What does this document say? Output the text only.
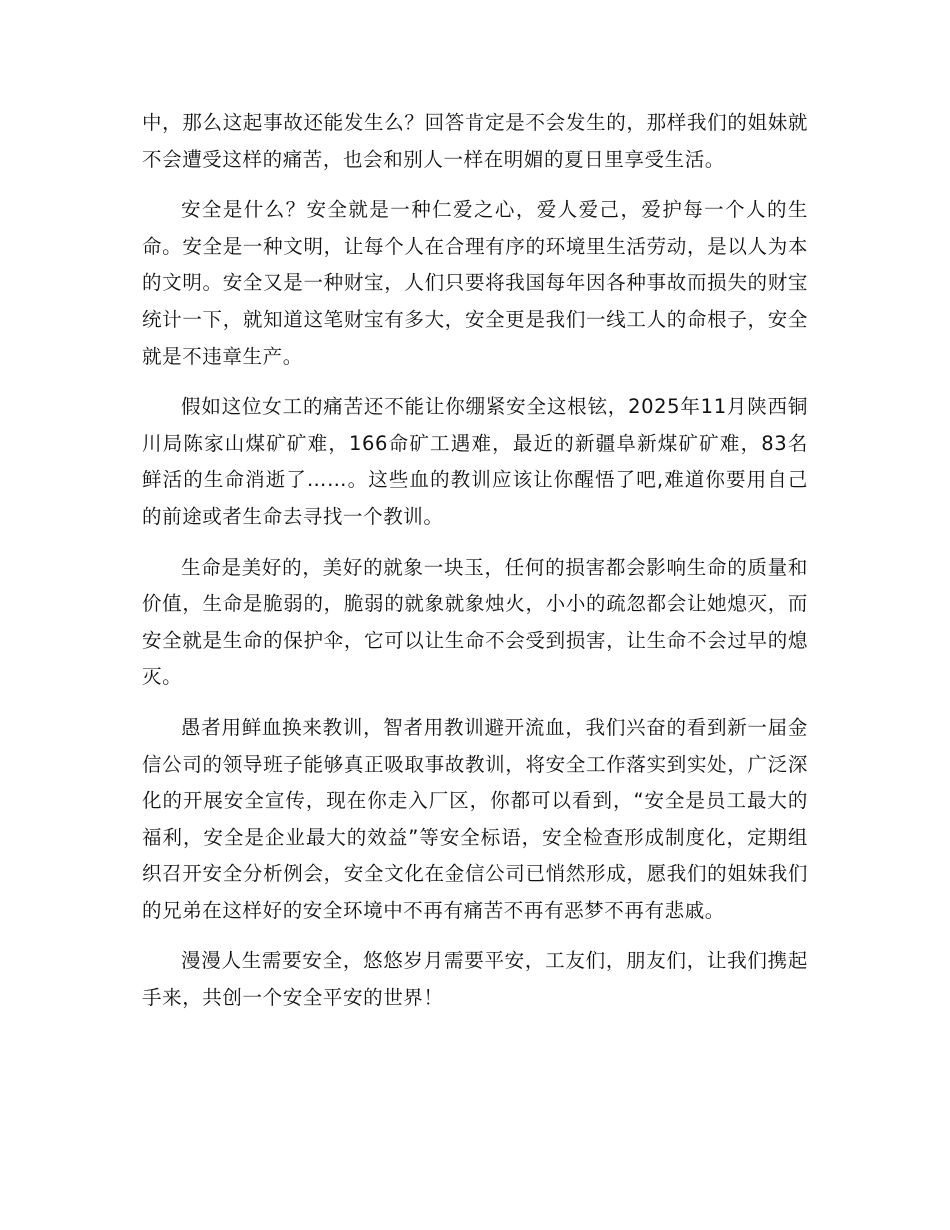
中，那么这起事故还能发生么？回答肯定是不会发生的，那样我们的姐妹就不会遭受这样的痛苦，也会和别人一样在明媚的夏日里享受生活。

安全是什么？安全就是一种仁爱之心，爱人爱己，爱护每一个人的生命。安全是一种文明，让每个人在合理有序的环境里生活劳动，是以人为本的文明。安全又是一种财宝，人们只要将我国每年因各种事故而损失的财宝统计一下，就知道这笔财宝有多大，安全更是我们一线工人的命根子，安全就是不违章生产。

假如这位女工的痛苦还不能让你绷紧安全这根铉，2025年11月陕西铜川局陈家山煤矿矿难，166命矿工遇难，最近的新疆阜新煤矿矿难，83名鲜活的生命消逝了……。这些血的教训应该让你醒悟了吧,难道你要用自己的前途或者生命去寻找一个教训。

生命是美好的，美好的就象一块玉，任何的损害都会影响生命的质量和价值，生命是脆弱的，脆弱的就象就象烛火，小小的疏忽都会让她熄灭，而安全就是生命的保护伞，它可以让生命不会受到损害，让生命不会过早的熄灭。

愚者用鲜血换来教训，智者用教训避开流血，我们兴奋的看到新一届金信公司的领导班子能够真正吸取事故教训，将安全工作落实到实处，广泛深化的开展安全宣传，现在你走入厂区，你都可以看到，“安全是员工最大的福利，安全是企业最大的效益”等安全标语，安全检查形成制度化，定期组织召开安全分析例会，安全文化在金信公司已悄然形成，愿我们的姐妹我们的兄弟在这样好的安全环境中不再有痛苦不再有恶梦不再有悲戚。

漫漫人生需要安全，悠悠岁月需要平安，工友们，朋友们，让我们携起手来，共创一个安全平安的世界！
